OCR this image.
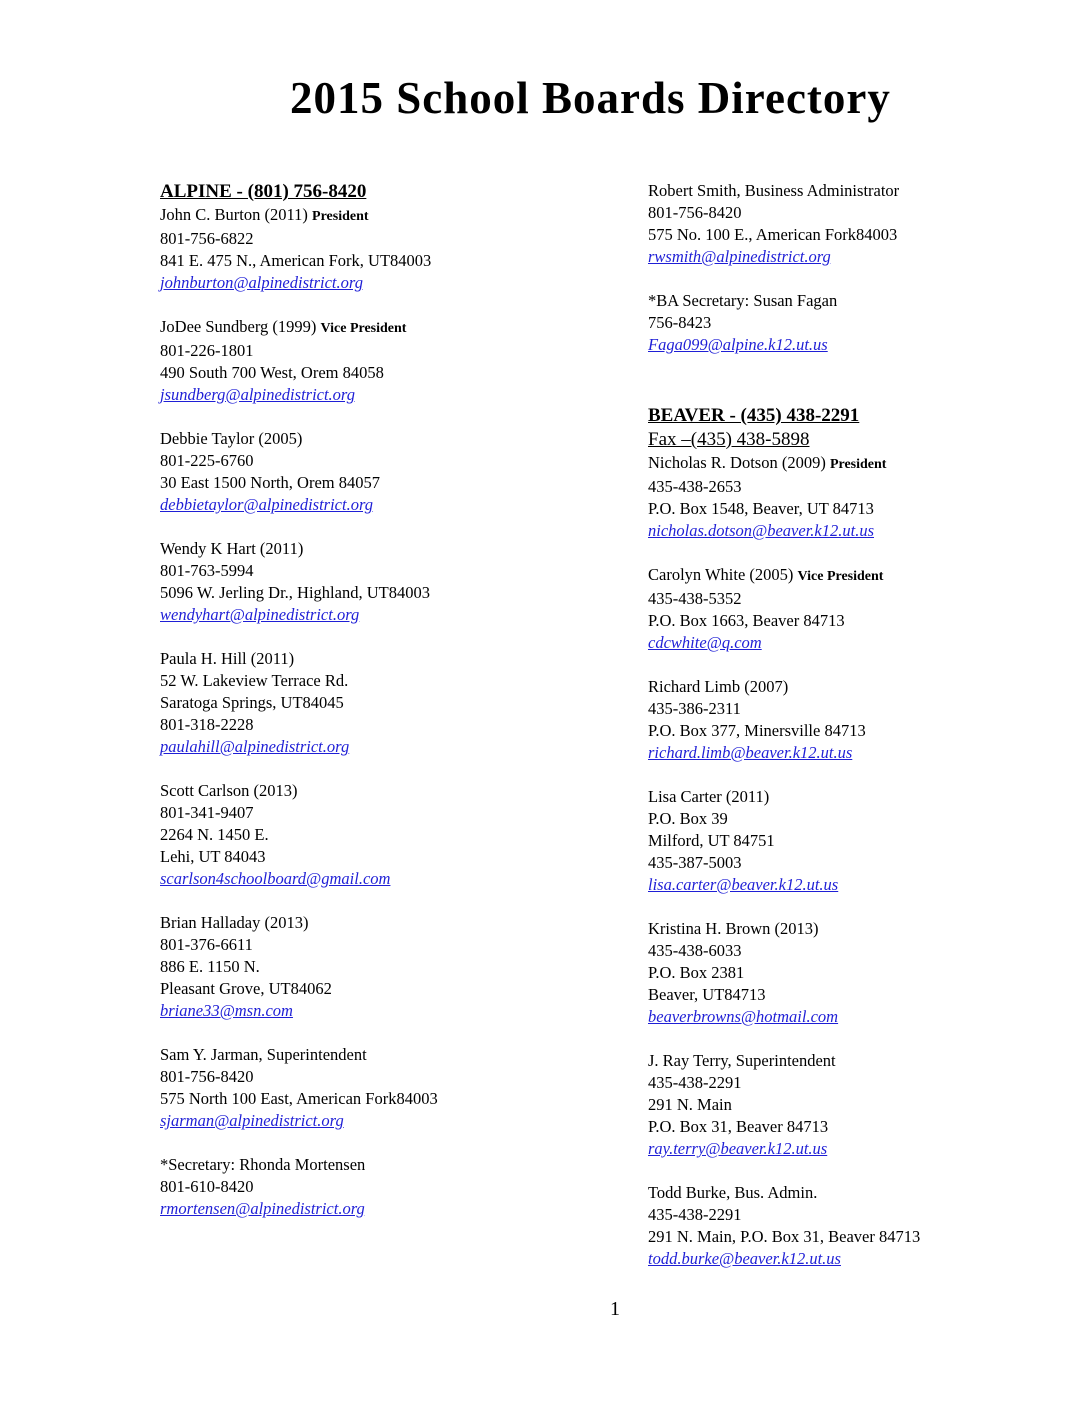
2015 School Boards Directory
ALPINE - (801) 756-8420
John C. Burton (2011) President
801-756-6822
841 E. 475 N., American Fork, UT84003
johnburton@alpinedistrict.org
JoDee Sundberg (1999) Vice President
801-226-1801
490 South 700 West, Orem 84058
jsundberg@alpinedistrict.org
Debbie Taylor (2005)
801-225-6760
30 East 1500 North, Orem 84057
debbietaylor@alpinedistrict.org
Wendy K Hart (2011)
801-763-5994
5096 W. Jerling Dr., Highland, UT84003
wendyhart@alpinedistrict.org
Paula H. Hill (2011)
52 W. Lakeview Terrace Rd.
Saratoga Springs, UT84045
801-318-2228
paulahill@alpinedistrict.org
Scott Carlson (2013)
801-341-9407
2264 N. 1450 E.
Lehi, UT 84043
scarlson4schoolboard@gmail.com
Brian Halladay (2013)
801-376-6611
886 E. 1150 N.
Pleasant Grove, UT84062
briane33@msn.com
Sam Y. Jarman, Superintendent
801-756-8420
575 North 100 East, American Fork84003
sjarman@alpinedistrict.org
*Secretary: Rhonda Mortensen
801-610-8420
rmortensen@alpinedistrict.org
Robert Smith, Business Administrator
801-756-8420
575 No. 100 E., American Fork84003
rwsmith@alpinedistrict.org
*BA Secretary: Susan Fagan
756-8423
Faga099@alpine.k12.ut.us
BEAVER - (435) 438-2291
Fax –(435) 438-5898
Nicholas R. Dotson (2009) President
435-438-2653
P.O. Box 1548, Beaver, UT 84713
nicholas.dotson@beaver.k12.ut.us
Carolyn White (2005) Vice President
435-438-5352
P.O. Box 1663, Beaver 84713
cdcwhite@q.com
Richard Limb (2007)
435-386-2311
P.O. Box 377, Minersville 84713
richard.limb@beaver.k12.ut.us
Lisa Carter (2011)
P.O. Box 39
Milford, UT 84751
435-387-5003
lisa.carter@beaver.k12.ut.us
Kristina H. Brown (2013)
435-438-6033
P.O. Box 2381
Beaver, UT84713
beaverbrowns@hotmail.com
J. Ray Terry, Superintendent
435-438-2291
291 N. Main
P.O. Box 31, Beaver 84713
ray.terry@beaver.k12.ut.us
Todd Burke, Bus. Admin.
435-438-2291
291 N. Main, P.O. Box 31, Beaver 84713
todd.burke@beaver.k12.ut.us
1
